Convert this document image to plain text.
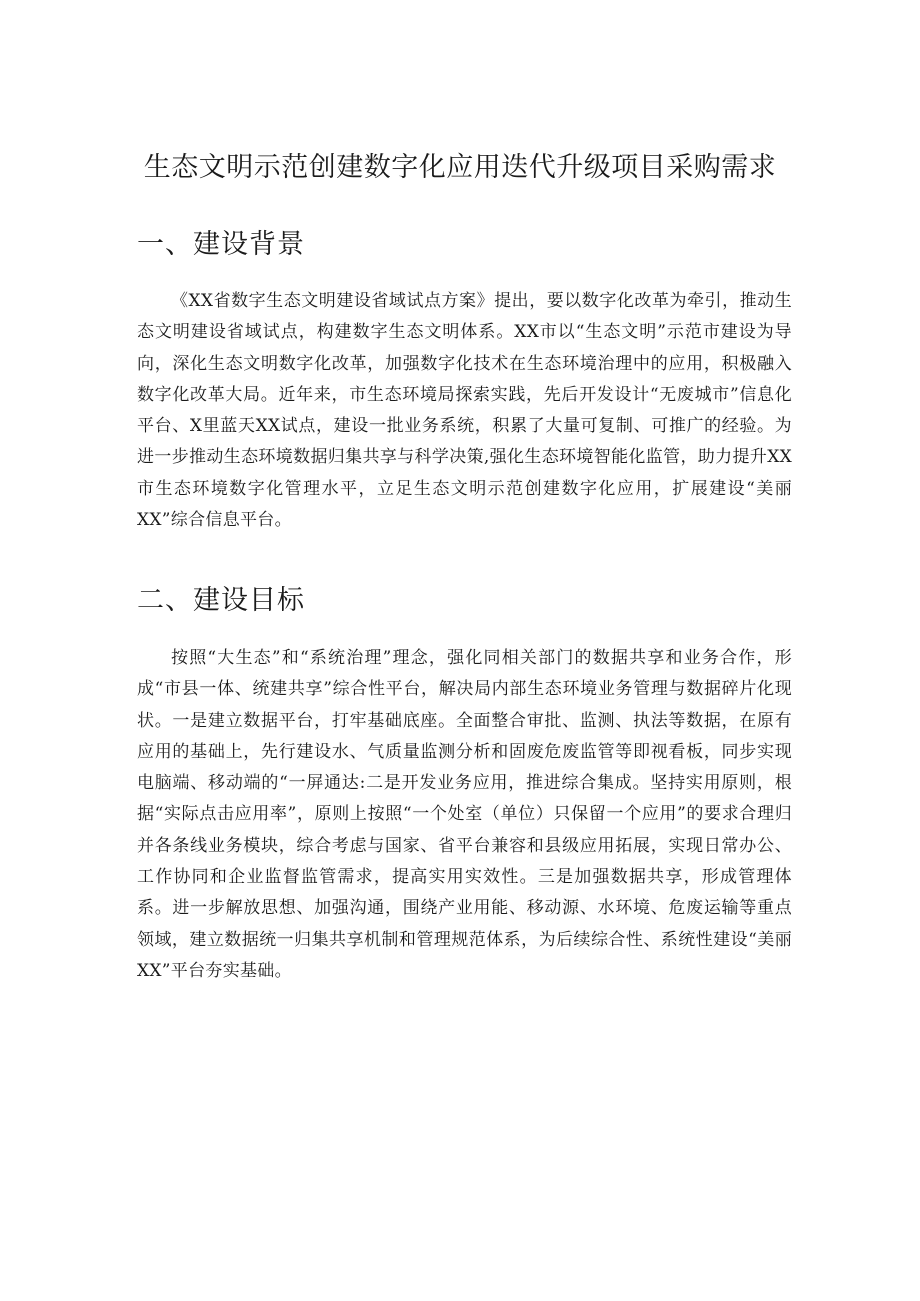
生态文明示范创建数字化应用迭代升级项目采购需求
一、建设背景

《XX省数字生态文明建设省域试点方案》提出，要以数字化改革为牵引，推动生态文明建设省域试点，构建数字生态文明体系。XX市以“生态文明”示范市建设为导向，深化生态文明数字化改革，加强数字化技术在生态环境治理中的应用，积极融入数字化改革大局。近年来，市生态环境局探索实践，先后开发设计“无废城市”信息化平台、X里蓝天XX试点，建设一批业务系统，积累了大量可复制、可推广的经验。为进一步推动生态环境数据归集共享与科学决策,强化生态环境智能化监管，助力提升XX市生态环境数字化管理水平，立足生态文明示范创建数字化应用，扩展建设“美丽XX”综合信息平台。

二、建设目标

按照“大生态”和“系统治理”理念，强化同相关部门的数据共享和业务合作，形成“市县一体、统建共享”综合性平台，解决局内部生态环境业务管理与数据碎片化现状。一是建立数据平台，打牢基础底座。全面整合审批、监测、执法等数据，在原有应用的基础上，先行建设水、气质量监测分析和固废危废监管等即视看板，同步实现电脑端、移动端的“一屏通达:二是开发业务应用，推进综合集成。坚持实用原则，根据“实际点击应用率”，原则上按照“一个处室（单位）只保留一个应用”的要求合理归并各条线业务模块，综合考虑与国家、省平台兼容和县级应用拓展，实现日常办公、工作协同和企业监督监管需求，提高实用实效性。三是加强数据共享，形成管理体系。进一步解放思想、加强沟通，围绕产业用能、移动源、水环境、危废运输等重点领域，建立数据统一归集共享机制和管理规范体系，为后续综合性、系统性建设“美丽XX”平台夯实基础。
